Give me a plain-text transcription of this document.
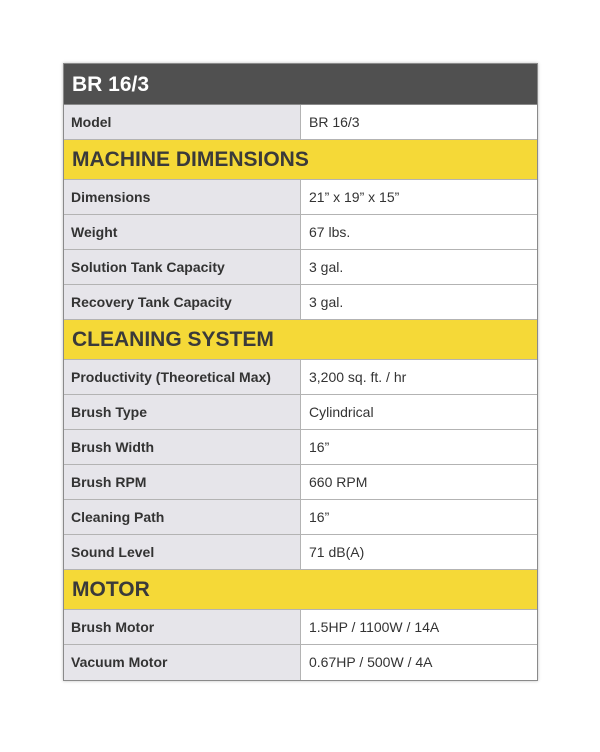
BR 16/3
Model	BR 16/3
MACHINE DIMENSIONS
Dimensions	21” x 19” x 15”
Weight	67 lbs.
Solution Tank Capacity	3 gal.
Recovery Tank Capacity	3 gal.
CLEANING SYSTEM
Productivity (Theoretical Max)	3,200 sq. ft. / hr
Brush Type	Cylindrical
Brush Width	16”
Brush RPM	660 RPM
Cleaning Path	16”
Sound Level	71 dB(A)
MOTOR
Brush Motor	1.5HP / 1100W / 14A
Vacuum Motor	0.67HP / 500W / 4A
